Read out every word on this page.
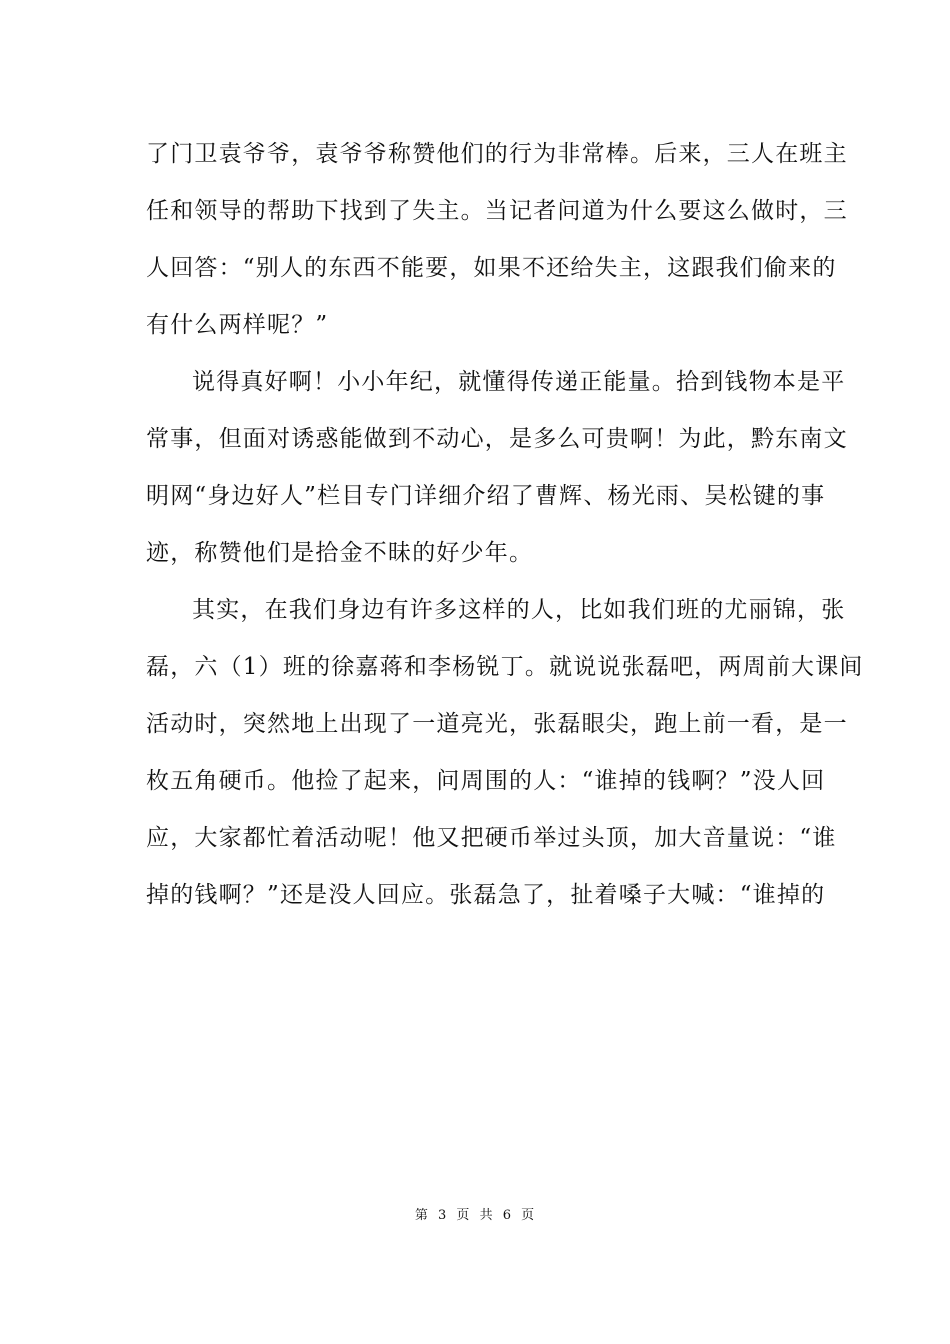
了门卫袁爷爷，袁爷爷称赞他们的行为非常棒。后来，三人在班主
任和领导的帮助下找到了失主。当记者问道为什么要这么做时，三
人回答：“别人的东西不能要，如果不还给失主，这跟我们偷来的
有什么两样呢？”
说得真好啊！小小年纪，就懂得传递正能量。拾到钱物本是平
常事，但面对诱惑能做到不动心，是多么可贵啊！为此，黔东南文
明网“身边好人”栏目专门详细介绍了曹辉、杨光雨、吴松键的事
迹，称赞他们是拾金不昧的好少年。
其实，在我们身边有许多这样的人，比如我们班的尤丽锦，张
磊，六（1）班的徐嘉蒋和李杨锐丁。就说说张磊吧，两周前大课间
活动时，突然地上出现了一道亮光，张磊眼尖，跑上前一看，是一
枚五角硬币。他捡了起来，问周围的人：“谁掉的钱啊？”没人回
应，大家都忙着活动呢！他又把硬币举过头顶，加大音量说：“谁
掉的钱啊？”还是没人回应。张磊急了，扯着嗓子大喊：“谁掉的
第 3 页 共 6 页
